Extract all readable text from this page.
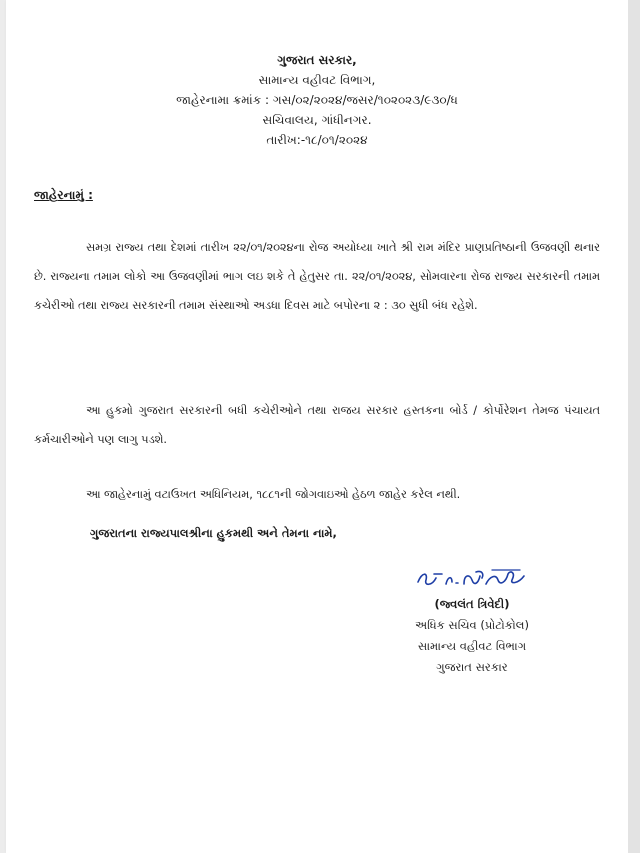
ગુજરાત સરકાર,
સામાન્ય વહીવટ વિભાગ,
જાહેરનામા ક્રમાંક : ગસ/૦૨/૨૦૨૪/જસર/૧૦૨૦૨૩/૯૩૦/ધ
સચિવાલય, ગાંધીનગર.
તારીખ:-૧૮/૦૧/૨૦૨૪
જાહેરનામું :
સમગ્ર રાજ્ય તથા દેશમાં તારીખ ૨૨/૦૧/૨૦૨૪ના રોજ અયોધ્યા ખાતે શ્રી રામ મંદિર પ્રાણપ્રતિષ્ઠાની ઉજવણી થનાર છે. રાજ્યના તમામ લોકો આ ઉજવણીમાં ભાગ લઇ શકે તે હેતુસર તા. ૨૨/૦૧/૨૦૨૪, સોમવારના રોજ રાજ્ય સરકારની તમામ કચેરીઓ તથા રાજ્ય સરકારની તમામ સંસ્થાઓ અડધા દિવસ માટે બપોરના ૨ : ૩૦ સુધી બંધ રહેશે.
આ હુકમો ગુજરાત સરકારની બધી કચેરીઓને તથા રાજય સરકાર હસ્તકના બોર્ડ / કોર્પોરેશન તેમજ પંચાયત કર્મચારીઓને પણ લાગુ પડશે.
આ જાહેરનામું વટાઉખત અધિનિયમ, ૧૮૮૧ની જોગવાઇઓ હેઠળ જાહેર કરેલ નથી.
ગુજરાતના રાજ્યપાલશ્રીના હુકમથી અને તેમના નામે,
(જ્વલંત ત્રિવેદી)
અધિક સચિવ (પ્રોટોકોલ)
સામાન્ય વહીવટ વિભાગ
ગુજરાત સરકાર
